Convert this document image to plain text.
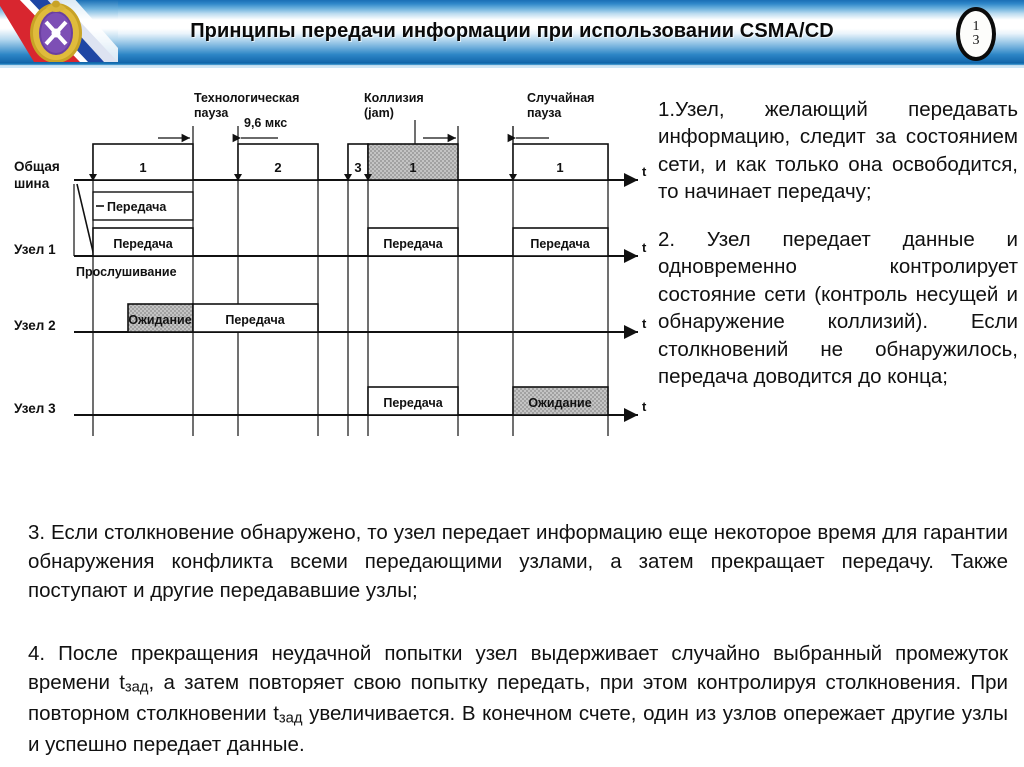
Принципы передачи информации при использовании CSMA/CD	1
3
Технологическая
пауза
9,6 мкс
Коллизия
(jam)
Случайная
пауза
Общая
шина
Узел 1
Узел 2
Узел 3
t
1	2	3	1	1
t
Передача
Передача	Передача	Передача
Прослушивание
t
Ожидание	Передача
t
Передача	Ожидание

1.Узел, желающий передавать информацию, следит за состоянием сети, и как только она освободится, то начинает передачу;

2. Узел передает данные и одновременно контролирует состояние сети (контроль несущей и обнаружение коллизий). Если столкновений не обнаружилось, передача доводится до конца;

3. Если столкновение обнаружено, то узел передает информацию еще некоторое время для гарантии обнаружения конфликта всеми передающими узлами, а затем прекращает передачу. Также поступают и другие передававшие узлы;

4. После прекращения неудачной попытки узел выдерживает случайно выбранный промежуток времени tзад, а затем повторяет свою попытку передать, при этом контролируя столкновения. При повторном столкновении tзад увеличивается. В конечном счете, один из узлов опережает другие узлы и успешно передает данные.
